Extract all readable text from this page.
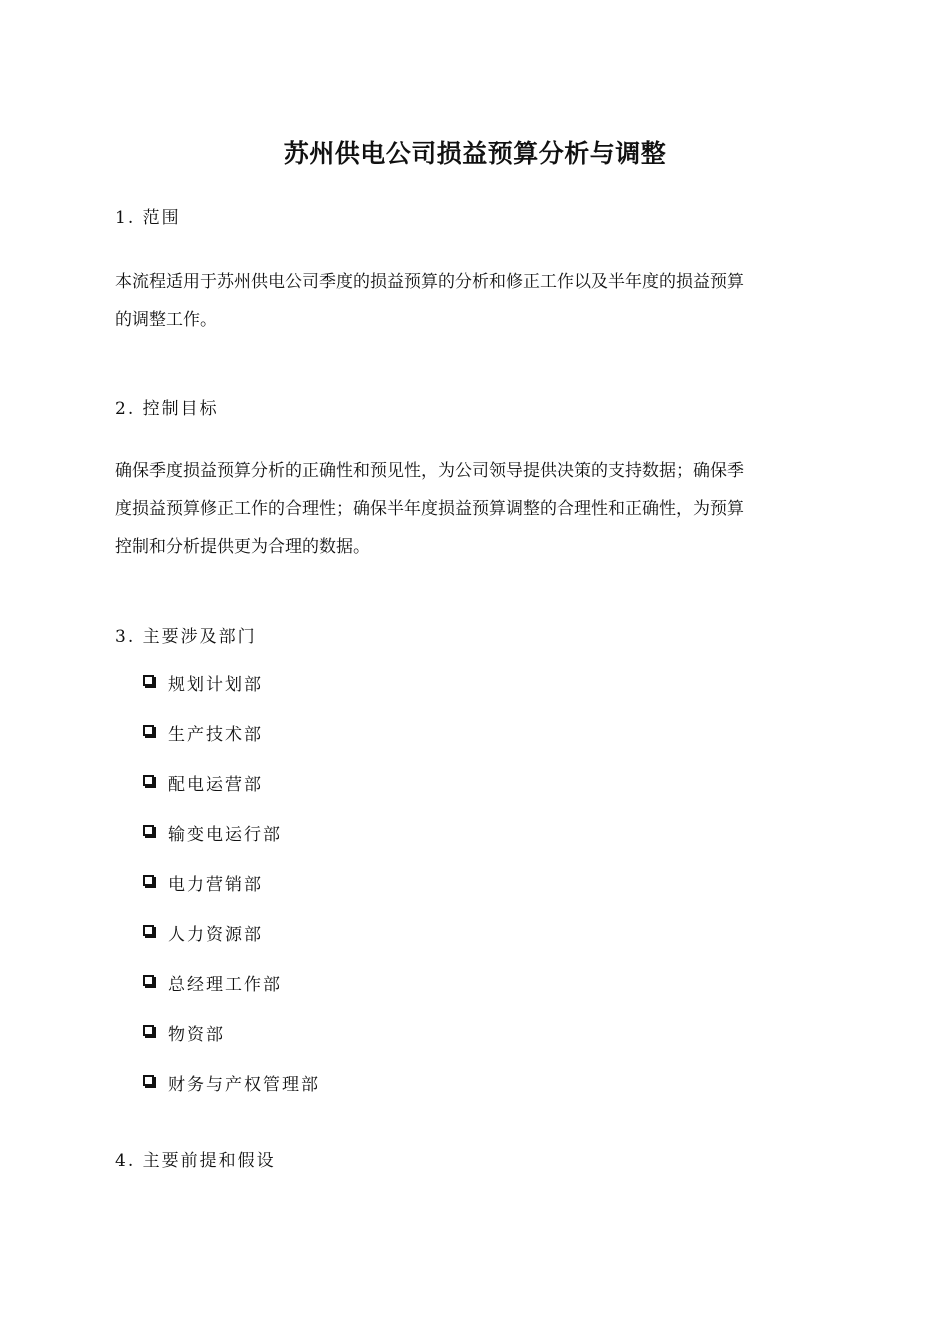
苏州供电公司损益预算分析与调整
1. 范围
本流程适用于苏州供电公司季度的损益预算的分析和修正工作以及半年度的损益预算
的调整工作。
2. 控制目标
确保季度损益预算分析的正确性和预见性，为公司领导提供决策的支持数据；确保季
度损益预算修正工作的合理性；确保半年度损益预算调整的合理性和正确性，为预算
控制和分析提供更为合理的数据。
3. 主要涉及部门
规划计划部
生产技术部
配电运营部
输变电运行部
电力营销部
人力资源部
总经理工作部
物资部
财务与产权管理部
4. 主要前提和假设
